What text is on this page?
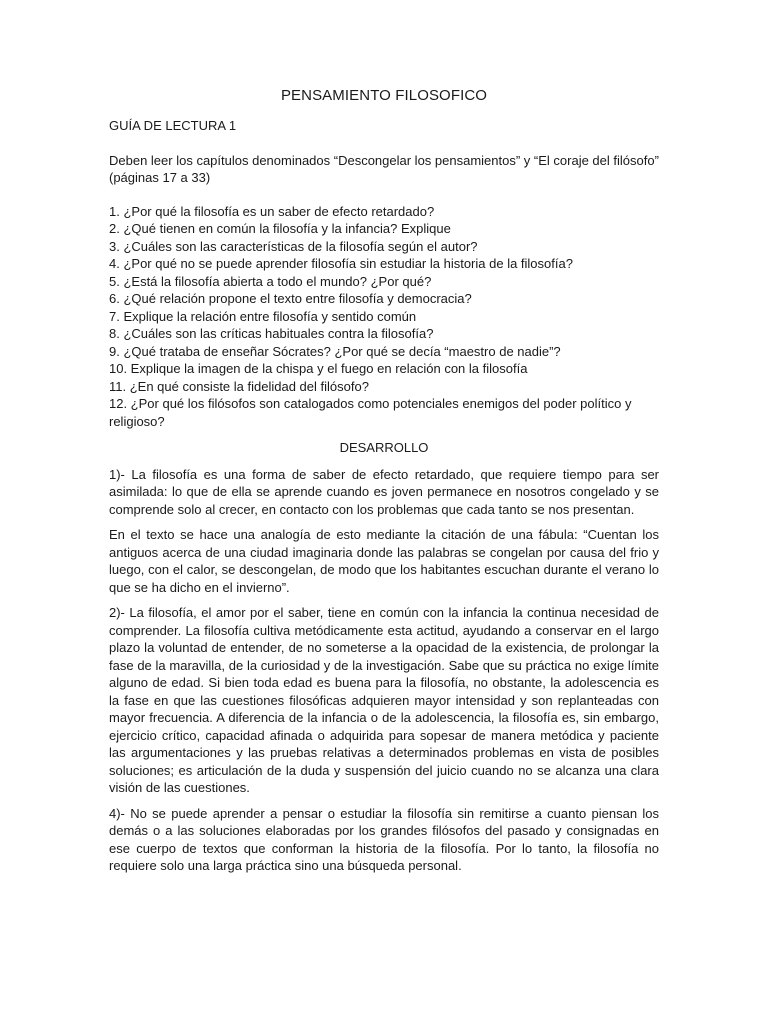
PENSAMIENTO FILOSOFICO
GUÍA DE LECTURA 1
Deben leer los capítulos denominados “Descongelar los pensamientos” y “El coraje del filósofo” (páginas 17 a 33)
1. ¿Por qué la filosofía es un saber de efecto retardado?
2. ¿Qué tienen en común la filosofía y la infancia? Explique
3. ¿Cuáles son las características de la filosofía según el autor?
4. ¿Por qué no se puede aprender filosofía sin estudiar la historia de la filosofía?
5. ¿Está la filosofía abierta a todo el mundo? ¿Por qué?
6. ¿Qué relación propone el texto entre filosofía y democracia?
7. Explique la relación entre filosofía y sentido común
8. ¿Cuáles son las críticas habituales contra la filosofía?
9. ¿Qué trataba de enseñar Sócrates? ¿Por qué se decía “maestro de nadie”?
10. Explique la imagen de la chispa y el fuego en relación con la filosofía
11. ¿En qué consiste la fidelidad del filósofo?
12. ¿Por qué los filósofos son catalogados como potenciales enemigos del poder político y religioso?
DESARROLLO

1)- La filosofía es una forma de saber de efecto retardado, que requiere tiempo para ser asimilada: lo que de ella se aprende cuando es joven permanece en nosotros congelado y se comprende solo al crecer, en contacto con los problemas que cada tanto se nos presentan.

En el texto se hace una analogía de esto mediante la citación de una fábula: “Cuentan los antiguos acerca de una ciudad imaginaria donde las palabras se congelan por causa del frio y luego, con el calor, se descongelan, de modo que los habitantes escuchan durante el verano lo que se ha dicho en el invierno”.

2)- La filosofía, el amor por el saber, tiene en común con la infancia la continua necesidad de comprender. La filosofía cultiva metódicamente esta actitud, ayudando a conservar en el largo plazo la voluntad de entender, de no someterse a la opacidad de la existencia, de prolongar la fase de la maravilla, de la curiosidad y de la investigación. Sabe que su práctica no exige límite alguno de edad. Si bien toda edad es buena para la filosofía, no obstante, la adolescencia es la fase en que las cuestiones filosóficas adquieren mayor intensidad y son replanteadas con mayor frecuencia. A diferencia de la infancia o de la adolescencia, la filosofía es, sin embargo, ejercicio crítico, capacidad afinada o adquirida para sopesar de manera metódica y paciente las argumentaciones y las pruebas relativas a determinados problemas en vista de posibles soluciones; es articulación de la duda y suspensión del juicio cuando no se alcanza una clara visión de las cuestiones.

4)- No se puede aprender a pensar o estudiar la filosofía sin remitirse a cuanto piensan los demás o a las soluciones elaboradas por los grandes filósofos del pasado y consignadas en ese cuerpo de textos que conforman la historia de la filosofía. Por lo tanto, la filosofía no requiere solo una larga práctica sino una búsqueda personal.
